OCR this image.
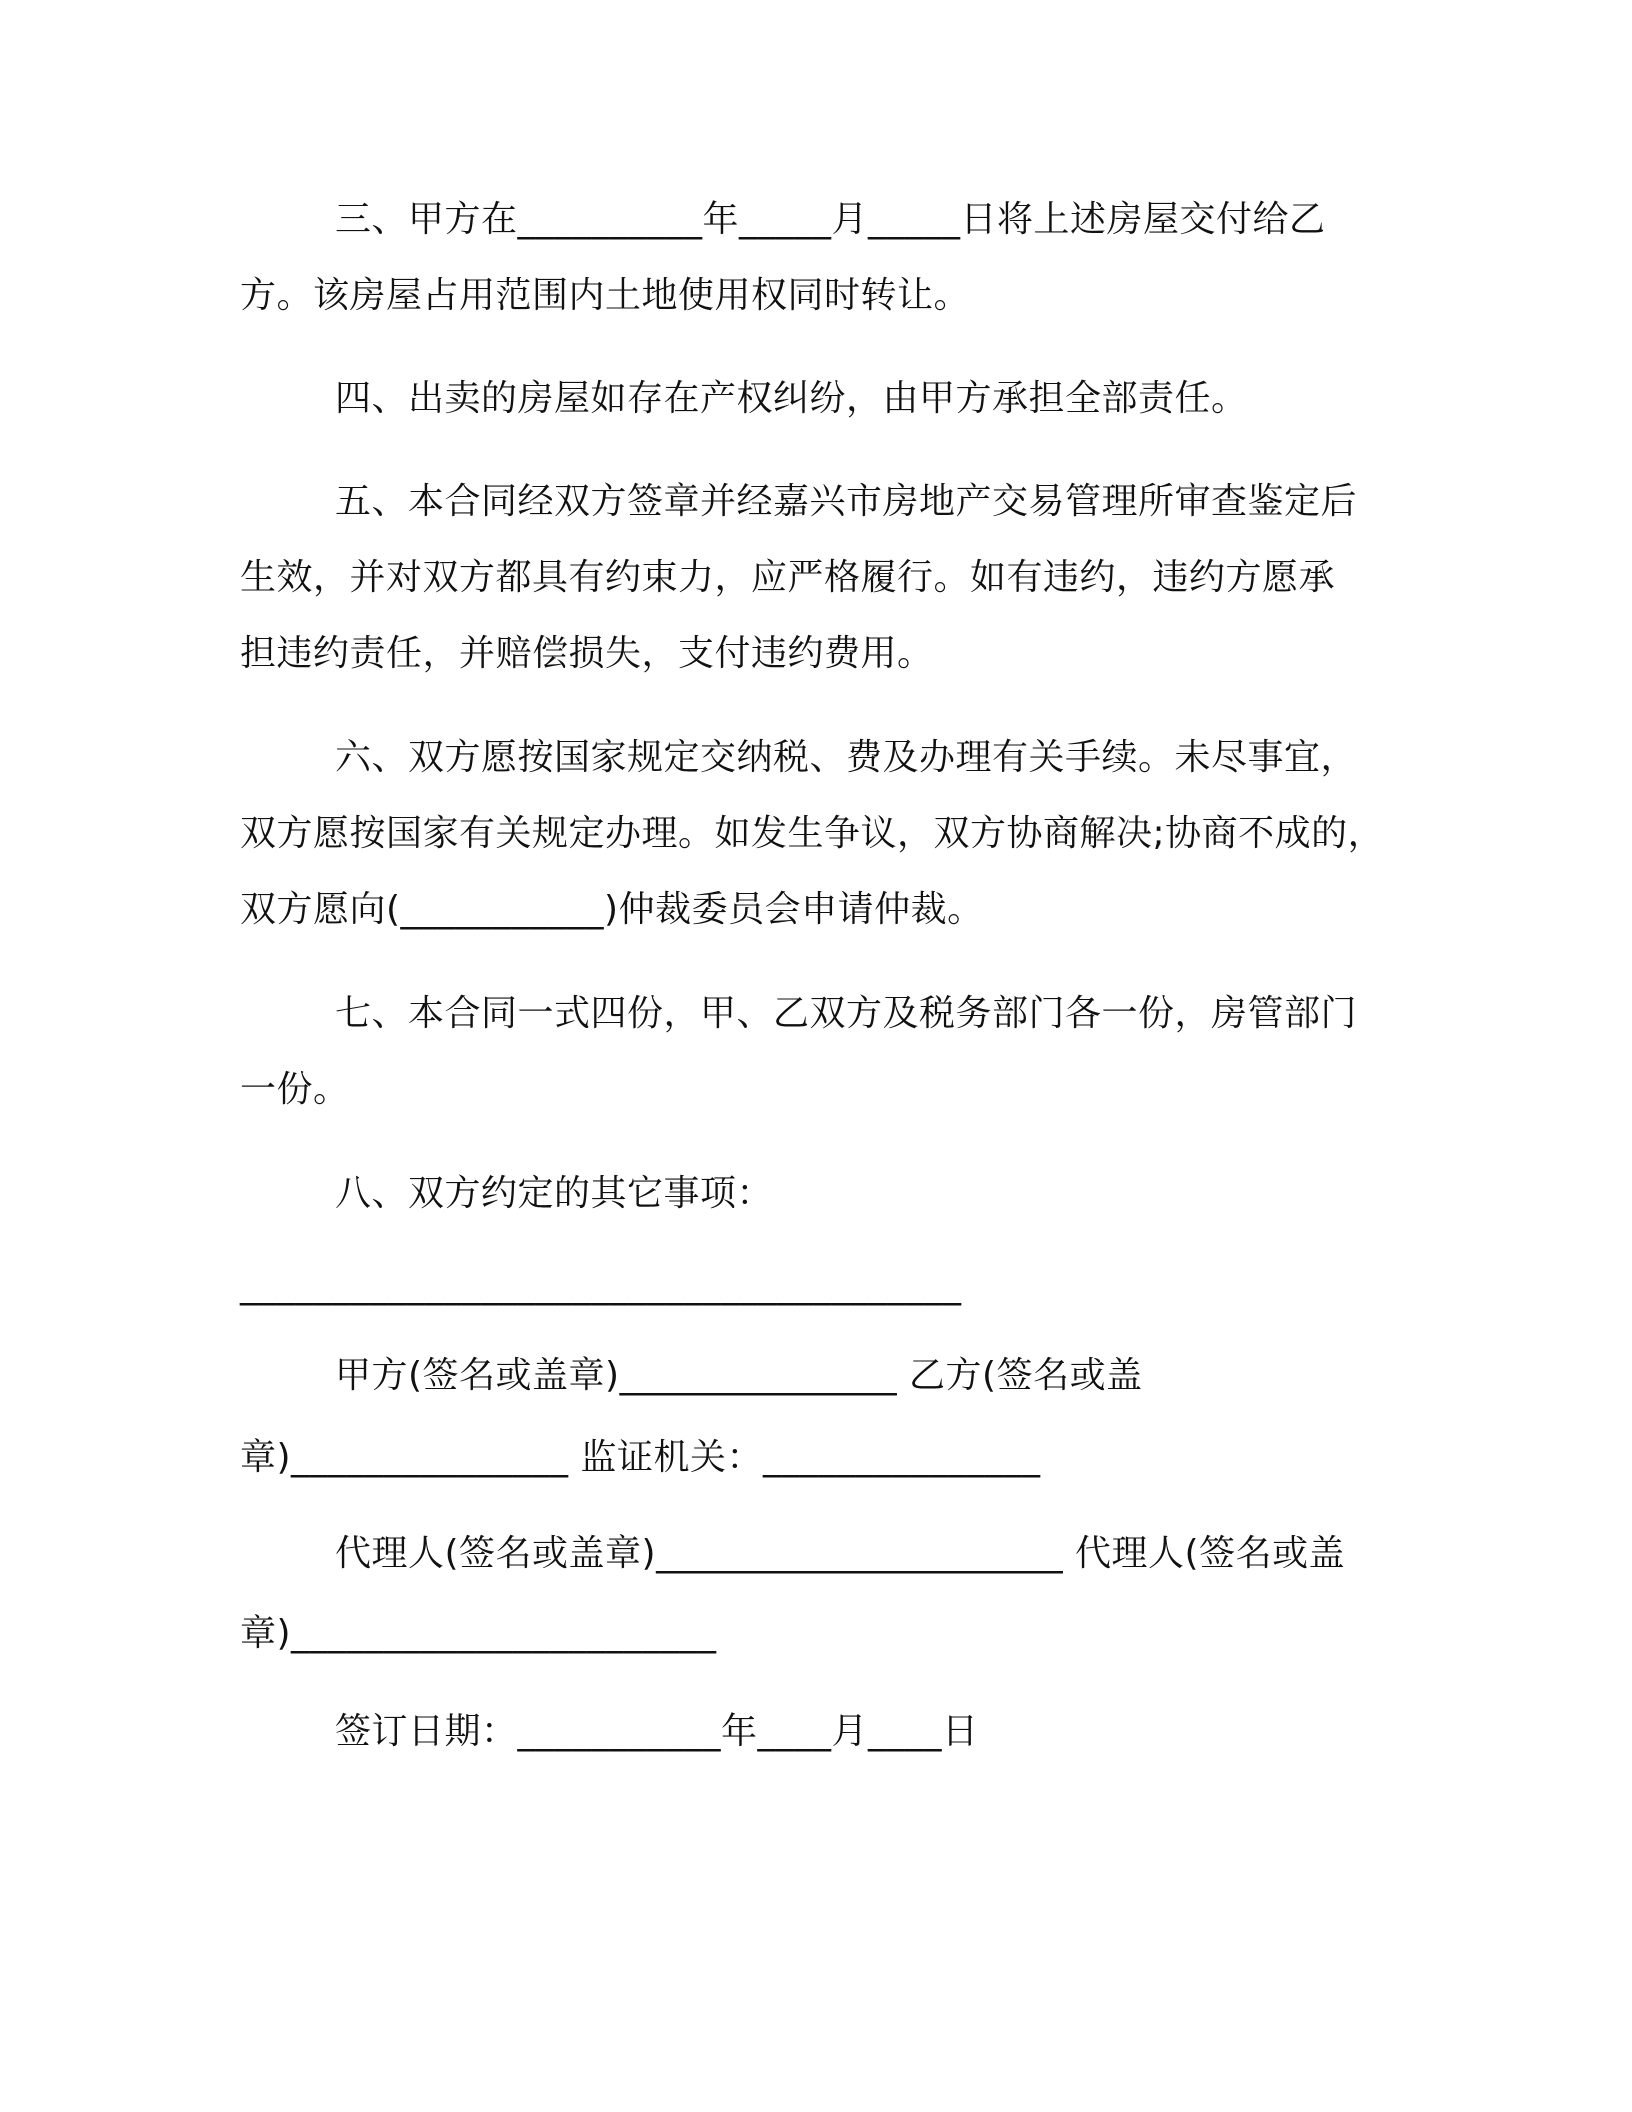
三、甲方在__________年_____月_____日将上述房屋交付给乙
方。该房屋占用范围内土地使用权同时转让。
四、出卖的房屋如存在产权纠纷，由甲方承担全部责任。
五、本合同经双方签章并经嘉兴市房地产交易管理所审查鉴定后
生效，并对双方都具有约束力，应严格履行。如有违约，违约方愿承
担违约责任，并赔偿损失，支付违约费用。
六、双方愿按国家规定交纳税、费及办理有关手续。未尽事宜，
双方愿按国家有关规定办理。如发生争议，双方协商解决;协商不成的，
双方愿向(___________)仲裁委员会申请仲裁。
七、本合同一式四份，甲、乙双方及税务部门各一份，房管部门
一份。
八、双方约定的其它事项：
_______________________________________
甲方(签名或盖章)_______________ 乙方(签名或盖
章)_______________ 监证机关：_______________
代理人(签名或盖章)______________________ 代理人(签名或盖
章)_______________________
签订日期：___________年____月____日
